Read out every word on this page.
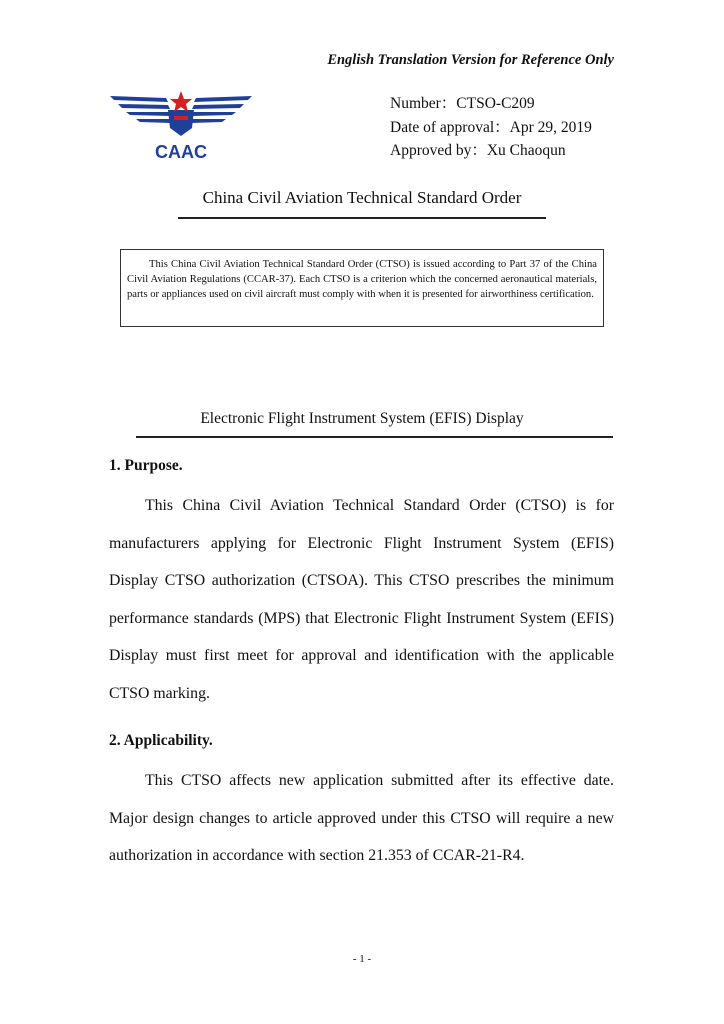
English Translation Version for Reference Only
CAAC
Number：CTSO-C209
Date of approval：Apr 29, 2019
Approved by：Xu Chaoqun
China Civil Aviation Technical Standard Order

This China Civil Aviation Technical Standard Order (CTSO) is issued according to Part 37 of the China Civil Aviation Regulations (CCAR-37). Each CTSO is a criterion which the concerned aeronautical materials, parts or appliances used on civil aircraft must comply with when it is presented for airworthiness certification.

Electronic Flight Instrument System (EFIS) Display
1. Purpose.

This China Civil Aviation Technical Standard Order (CTSO) is for manufacturers applying for Electronic Flight Instrument System (EFIS) Display CTSO authorization (CTSOA). This CTSO prescribes the minimum performance standards (MPS) that Electronic Flight Instrument System (EFIS) Display must first meet for approval and identification with the applicable CTSO marking.

2. Applicability.

This CTSO affects new application submitted after its effective date. Major design changes to article approved under this CTSO will require a new authorization in accordance with section 21.353 of CCAR-21-R4.

- 1 -
